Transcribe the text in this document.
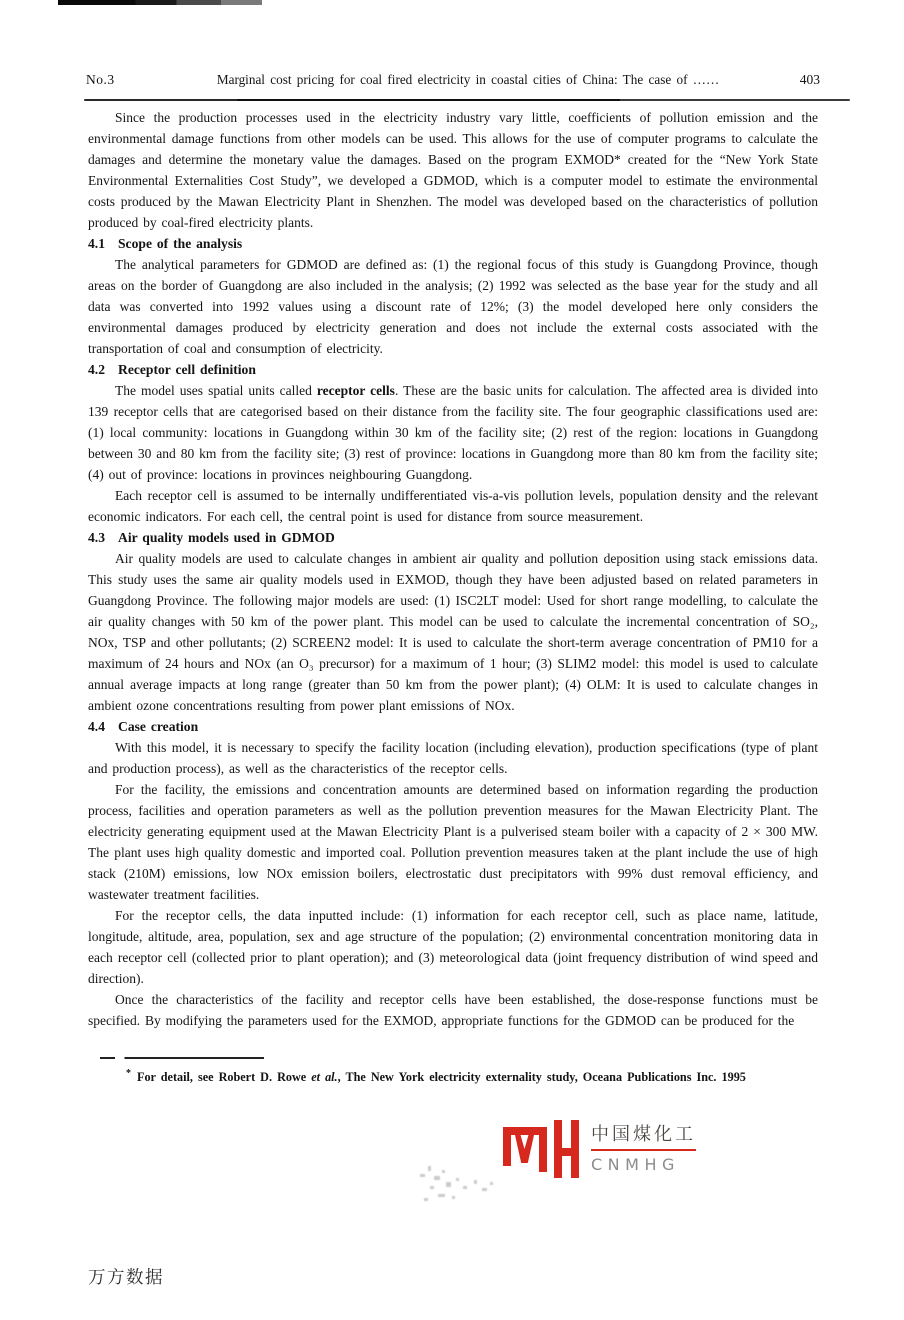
No.3	Marginal cost pricing for coal fired electricity in coastal cities of China: The case of ……	403

Since the production processes used in the electricity industry vary little, coefficients of pollution emission and the environmental damage functions from other models can be used. This allows for the use of computer programs to calculate the damages and determine the monetary value the damages. Based on the program EXMOD* created for the “New York State Environmental Externalities Cost Study”, we developed a GDMOD, which is a computer model to estimate the environmental costs produced by the Mawan Electricity Plant in Shenzhen. The model was developed based on the characteristics of pollution produced by coal-fired electricity plants.

4.1 Scope of the analysis

The analytical parameters for GDMOD are defined as: (1) the regional focus of this study is Guangdong Province, though areas on the border of Guangdong are also included in the analysis; (2) 1992 was selected as the base year for the study and all data was converted into 1992 values using a discount rate of 12%; (3) the model developed here only considers the environmental damages produced by electricity generation and does not include the external costs associated with the transportation of coal and consumption of electricity.

4.2 Receptor cell definition

The model uses spatial units called receptor cells. These are the basic units for calculation. The affected area is divided into 139 receptor cells that are categorised based on their distance from the facility site. The four geographic classifications used are: (1) local community: locations in Guangdong within 30 km of the facility site; (2) rest of the region: locations in Guangdong between 30 and 80 km from the facility site; (3) rest of province: locations in Guangdong more than 80 km from the facility site; (4) out of province: locations in provinces neighbouring Guangdong.

Each receptor cell is assumed to be internally undifferentiated vis-a-vis pollution levels, population density and the relevant economic indicators. For each cell, the central point is used for distance from source measurement.

4.3 Air quality models used in GDMOD

Air quality models are used to calculate changes in ambient air quality and pollution deposition using stack emissions data. This study uses the same air quality models used in EXMOD, though they have been adjusted based on related parameters in Guangdong Province. The following major models are used: (1) ISC2LT model: Used for short range modelling, to calculate the air quality changes with 50 km of the power plant. This model can be used to calculate the incremental concentration of SO₂, NOx, TSP and other pollutants; (2) SCREEN2 model: It is used to calculate the short-term average concentration of PM10 for a maximum of 24 hours and NOx (an O₃ precursor) for a maximum of 1 hour; (3) SLIM2 model: this model is used to calculate annual average impacts at long range (greater than 50 km from the power plant); (4) OLM: It is used to calculate changes in ambient ozone concentrations resulting from power plant emissions of NOx.

4.4 Case creation

With this model, it is necessary to specify the facility location (including elevation), production specifications (type of plant and production process), as well as the characteristics of the receptor cells.

For the facility, the emissions and concentration amounts are determined based on information regarding the production process, facilities and operation parameters as well as the pollution prevention measures for the Mawan Electricity Plant. The electricity generating equipment used at the Mawan Electricity Plant is a pulverised steam boiler with a capacity of 2 × 300 MW. The plant uses high quality domestic and imported coal. Pollution prevention measures taken at the plant include the use of high stack (210M) emissions, low NOx emission boilers, electrostatic dust precipitators with 99% dust removal efficiency, and wastewater treatment facilities.

For the receptor cells, the data inputted include: (1) information for each receptor cell, such as place name, latitude, longitude, altitude, area, population, sex and age structure of the population; (2) environmental concentration monitoring data in each receptor cell (collected prior to plant operation); and (3) meteorological data (joint frequency distribution of wind speed and direction).

Once the characteristics of the facility and receptor cells have been established, the dose-response functions must be specified. By modifying the parameters used for the EXMOD, appropriate functions for the GDMOD can be produced for the

* For detail, see Robert D. Rowe et al., The New York electricity externality study, Oceana Publications Inc. 1995
中国煤化工
CNMHG
万方数据
